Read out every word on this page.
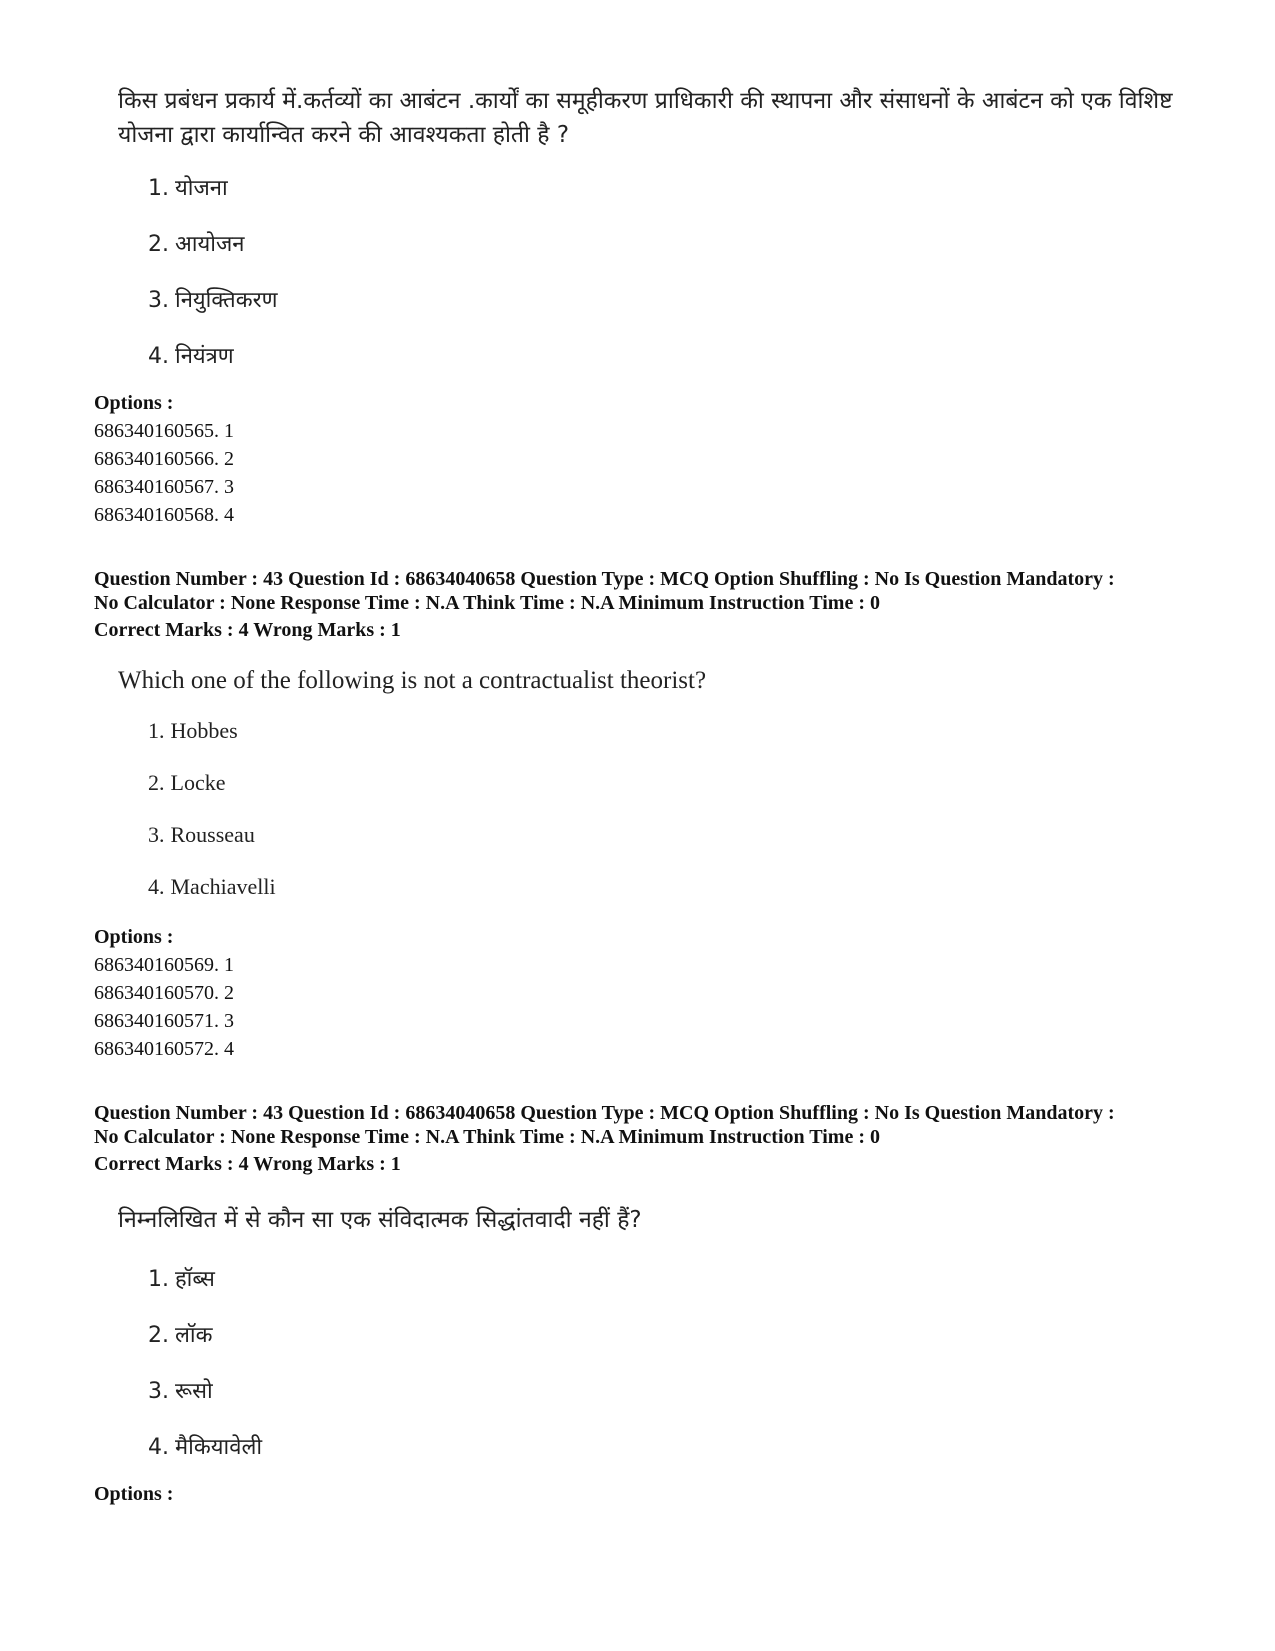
किस प्रबंधन प्रकार्य में.कर्तव्यों का आबंटन .कार्यों का समूहीकरण प्राधिकारी की स्थापना और संसाधनों के आबंटन को एक विशिष्ट योजना द्वारा कार्यान्वित करने की आवश्यकता होती है ?
1. योजना
2. आयोजन
3. नियुक्तिकरण
4. नियंत्रण
Options :
686340160565. 1
686340160566. 2
686340160567. 3
686340160568. 4
Question Number : 43 Question Id : 68634040658 Question Type : MCQ Option Shuffling : No Is Question Mandatory :
No Calculator : None Response Time : N.A Think Time : N.A Minimum Instruction Time : 0
Correct Marks : 4 Wrong Marks : 1
Which one of the following is not a contractualist theorist?
1. Hobbes
2. Locke
3. Rousseau
4. Machiavelli
Options :
686340160569. 1
686340160570. 2
686340160571. 3
686340160572. 4
Question Number : 43 Question Id : 68634040658 Question Type : MCQ Option Shuffling : No Is Question Mandatory :
No Calculator : None Response Time : N.A Think Time : N.A Minimum Instruction Time : 0
Correct Marks : 4 Wrong Marks : 1
निम्नलिखित में से कौन सा एक संविदात्मक सिद्धांतवादी नहीं हैं?
1. हॉब्स
2. लॉक
3. रूसो
4. मैकियावेली
Options :
